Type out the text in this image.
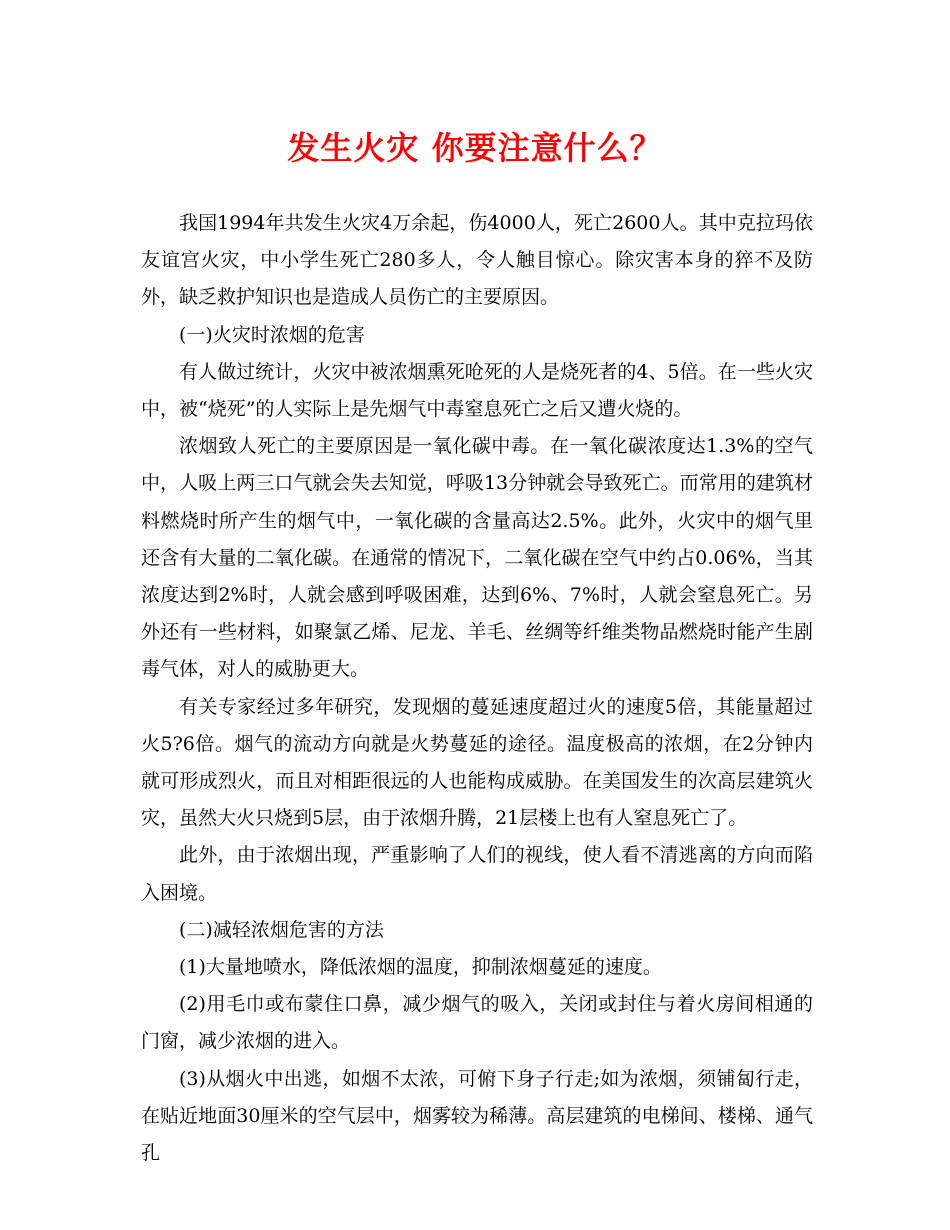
发生火灾 你要注意什么？

我国1994年共发生火灾4万余起，伤4000人，死亡2600人。其中克拉玛依友谊宫火灾，中小学生死亡280多人，令人触目惊心。除灾害本身的猝不及防外，缺乏救护知识也是造成人员伤亡的主要原因。

(一)火灾时浓烟的危害

有人做过统计，火灾中被浓烟熏死呛死的人是烧死者的4、5倍。在一些火灾中，被“烧死”的人实际上是先烟气中毒窒息死亡之后又遭火烧的。

浓烟致人死亡的主要原因是一氧化碳中毒。在一氧化碳浓度达1.3%的空气中，人吸上两三口气就会失去知觉，呼吸13分钟就会导致死亡。而常用的建筑材料燃烧时所产生的烟气中，一氧化碳的含量高达2.5%。此外，火灾中的烟气里还含有大量的二氧化碳。在通常的情况下，二氧化碳在空气中约占0.06%，当其浓度达到2%时，人就会感到呼吸困难，达到6%、7%时，人就会窒息死亡。另外还有一些材料，如聚氯乙烯、尼龙、羊毛、丝绸等纤维类物品燃烧时能产生剧毒气体，对人的威胁更大。

有关专家经过多年研究，发现烟的蔓延速度超过火的速度5倍，其能量超过火5?6倍。烟气的流动方向就是火势蔓延的途径。温度极高的浓烟，在2分钟内就可形成烈火，而且对相距很远的人也能构成威胁。在美国发生的次高层建筑火灾，虽然大火只烧到5层，由于浓烟升腾，21层楼上也有人窒息死亡了。

此外，由于浓烟出现，严重影响了人们的视线，使人看不清逃离的方向而陷入困境。

(二)减轻浓烟危害的方法

(1)大量地喷水，降低浓烟的温度，抑制浓烟蔓延的速度。

(2)用毛巾或布蒙住口鼻，减少烟气的吸入，关闭或封住与着火房间相通的门窗，减少浓烟的进入。

(3)从烟火中出逃，如烟不太浓，可俯下身子行走;如为浓烟，须铺匐行走，在贴近地面30厘米的空气层中，烟雾较为稀薄。高层建筑的电梯间、楼梯、通气孔
